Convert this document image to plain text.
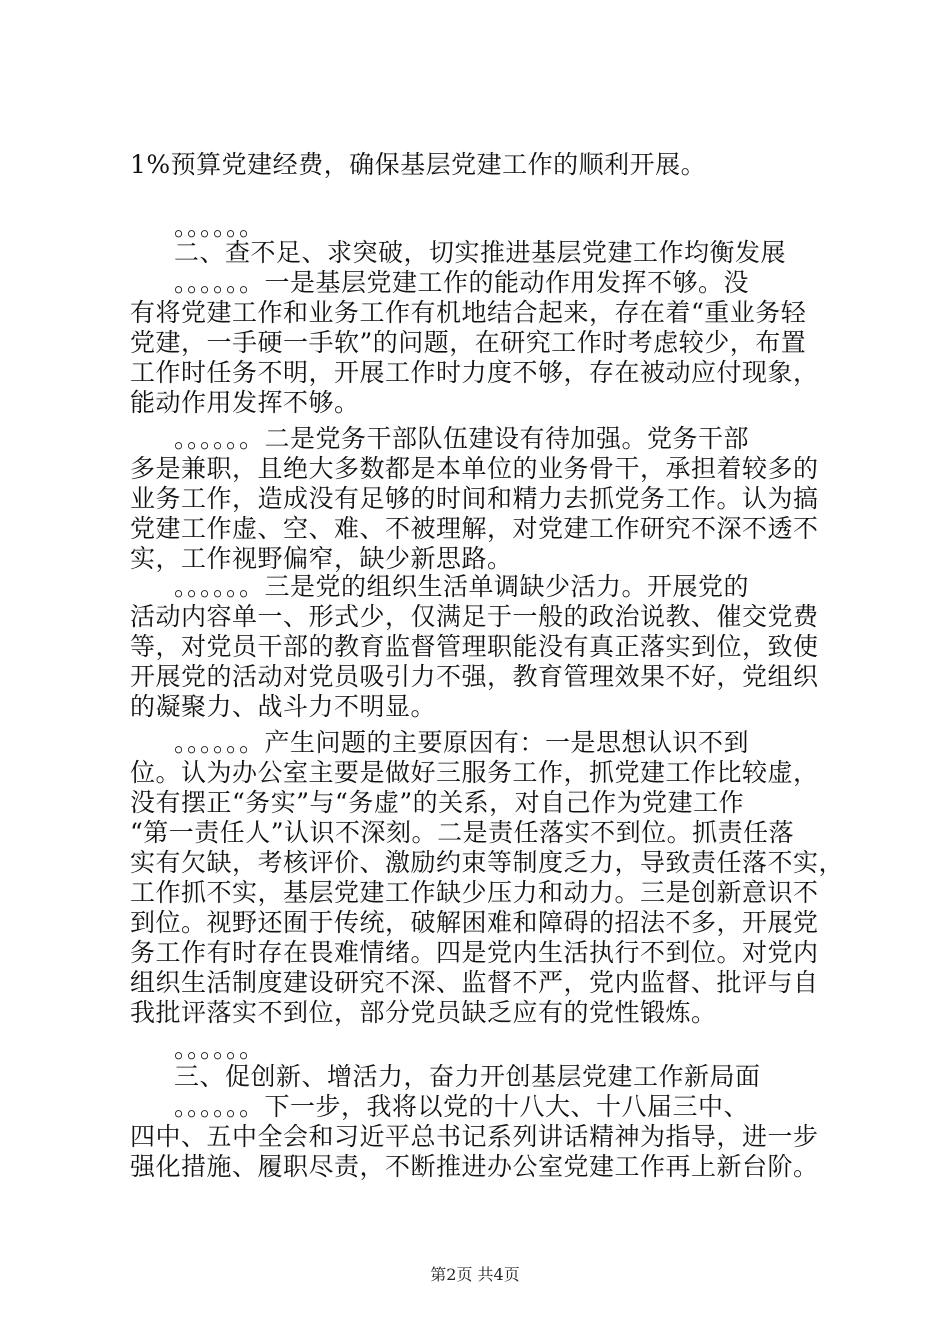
1%预算党建经费，确保基层党建工作的顺利开展。
。。。。。。
二、查不足、求突破，切实推进基层党建工作均衡发展
。。。。。。一是基层党建工作的能动作用发挥不够。没
有将党建工作和业务工作有机地结合起来，存在着“重业务轻
党建，一手硬一手软”的问题，在研究工作时考虑较少，布置
工作时任务不明，开展工作时力度不够，存在被动应付现象，
能动作用发挥不够。
。。。。。。二是党务干部队伍建设有待加强。党务干部
多是兼职，且绝大多数都是本单位的业务骨干，承担着较多的
业务工作，造成没有足够的时间和精力去抓党务工作。认为搞
党建工作虚、空、难、不被理解，对党建工作研究不深不透不
实，工作视野偏窄，缺少新思路。
。。。。。。三是党的组织生活单调缺少活力。开展党的
活动内容单一、形式少，仅满足于一般的政治说教、催交党费
等，对党员干部的教育监督管理职能没有真正落实到位，致使
开展党的活动对党员吸引力不强，教育管理效果不好，党组织
的凝聚力、战斗力不明显。
。。。。。。产生问题的主要原因有：一是思想认识不到
位。认为办公室主要是做好三服务工作，抓党建工作比较虚，
没有摆正“务实”与“务虚”的关系，对自己作为党建工作
“第一责任人”认识不深刻。二是责任落实不到位。抓责任落
实有欠缺，考核评价、激励约束等制度乏力，导致责任落不实，
工作抓不实，基层党建工作缺少压力和动力。三是创新意识不
到位。视野还囿于传统，破解困难和障碍的招法不多，开展党
务工作有时存在畏难情绪。四是党内生活执行不到位。对党内
组织生活制度建设研究不深、监督不严，党内监督、批评与自
我批评落实不到位，部分党员缺乏应有的党性锻炼。
。。。。。。
三、促创新、增活力，奋力开创基层党建工作新局面
。。。。。。下一步，我将以党的十八大、十八届三中、
四中、五中全会和习近平总书记系列讲话精神为指导，进一步
强化措施、履职尽责，不断推进办公室党建工作再上新台阶。
第2页 共4页
